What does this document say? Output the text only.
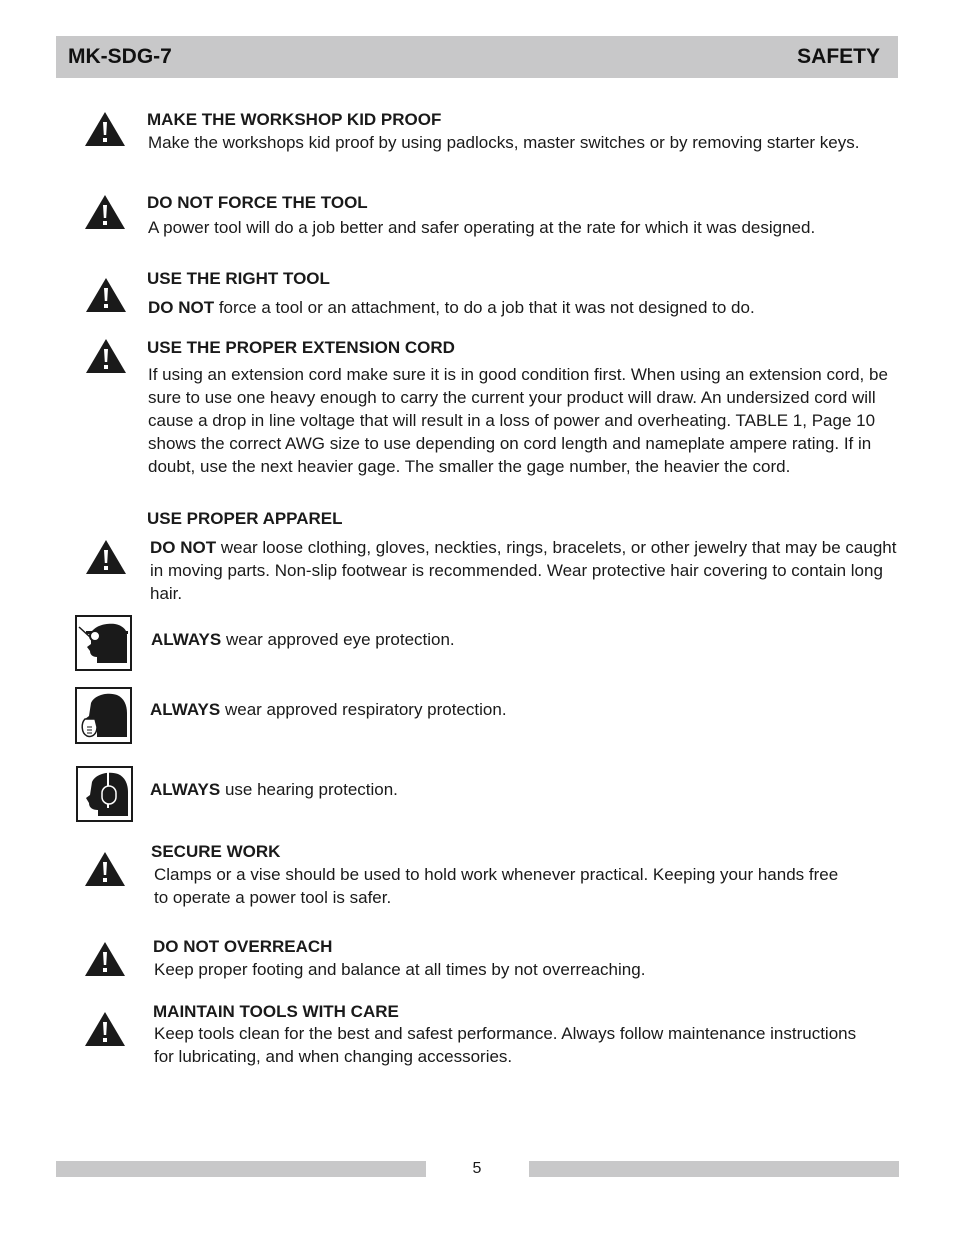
MK-SDG-7	SAFETY
MAKE THE WORKSHOP KID PROOF
Make the workshops kid proof by using padlocks, master switches or by removing starter keys.
DO NOT FORCE THE TOOL
A power tool will do a job better and safer operating at the rate for which it was designed.
USE THE RIGHT TOOL
DO NOT force a tool or an attachment, to do a job that it was not designed to do.
USE THE PROPER EXTENSION CORD
If using an extension cord make sure it is in good condition first. When using an extension cord, be sure to use one heavy enough to carry the current your product will draw. An undersized cord will cause a drop in line voltage that will result in a loss of power and overheating. TABLE 1, Page 10 shows the correct AWG size to use depending on cord length and nameplate ampere rating. If in doubt, use the next heavier gage. The smaller the gage number, the heavier the cord.
USE PROPER APPAREL
DO NOT wear loose clothing, gloves, neckties, rings, bracelets, or other jewelry that may be caught in moving parts. Non-slip footwear is recommended. Wear protective hair covering to contain long hair.
ALWAYS wear approved eye protection.
ALWAYS wear approved respiratory protection.
ALWAYS use hearing protection.
SECURE WORK
Clamps or a vise should be used to hold work whenever practical. Keeping your hands free to operate a power tool is safer.
DO NOT OVERREACH
Keep proper footing and balance at all times by not overreaching.
MAINTAIN TOOLS WITH CARE
Keep tools clean for the best and safest performance. Always follow maintenance instructions for lubricating, and when changing accessories.
5
